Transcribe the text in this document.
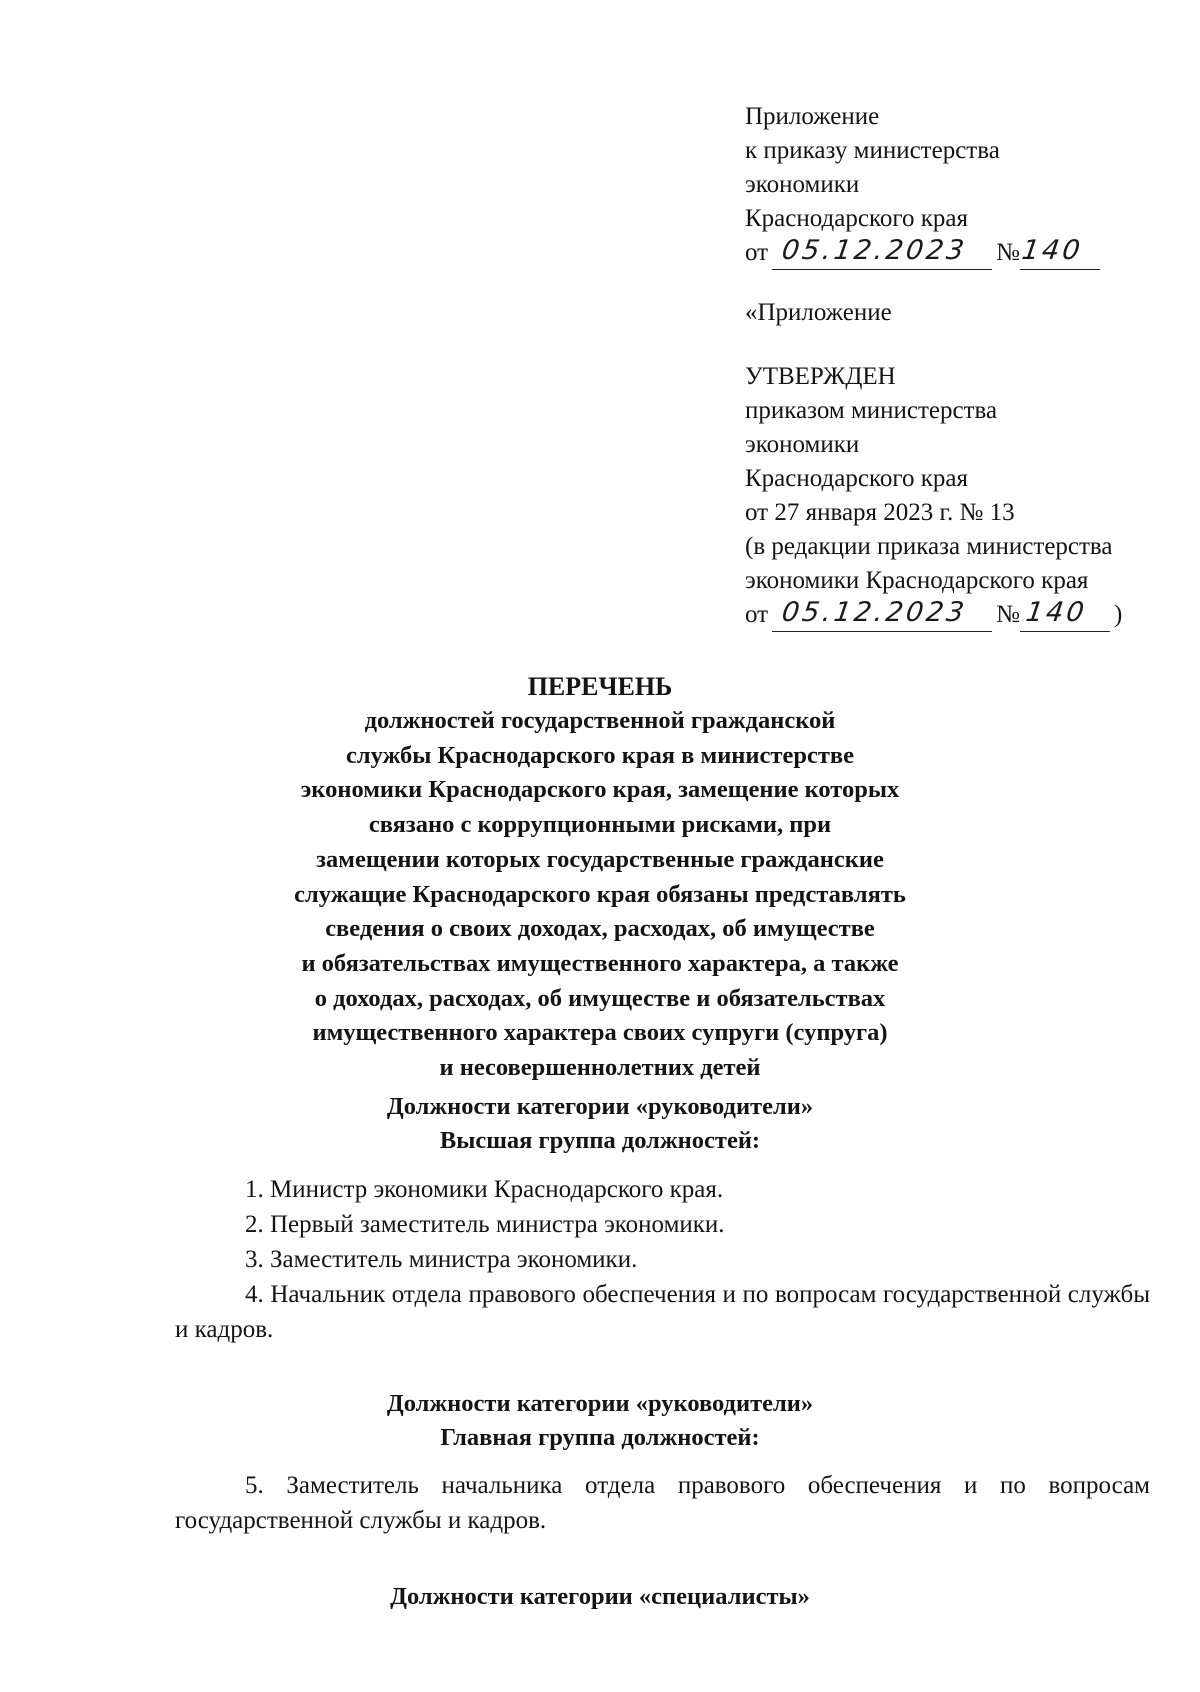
Приложение
к приказу министерства
экономики
Краснодарского края
от 05.12.2023 № 140
«Приложение
УТВЕРЖДЕН
приказом министерства
экономики
Краснодарского края
от 27 января 2023 г. № 13
(в редакции приказа министерства
экономики Краснодарского края
от 05.12.2023 № 140 )
ПЕРЕЧЕНЬ
должностей государственной гражданской
службы Краснодарского края в министерстве
экономики Краснодарского края, замещение которых
связано с коррупционными рисками, при
замещении которых государственные гражданские
служащие Краснодарского края обязаны представлять
сведения о своих доходах, расходах, об имуществе
и обязательствах имущественного характера, а также
о доходах, расходах, об имуществе и обязательствах
имущественного характера своих супруги (супруга)
и несовершеннолетних детей
Должности категории «руководители»
Высшая группа должностей:
1. Министр экономики Краснодарского края.
2. Первый заместитель министра экономики.
3. Заместитель министра экономики.
4. Начальник отдела правового обеспечения и по вопросам государственной службы и кадров.
Должности категории «руководители»
Главная группа должностей:
5. Заместитель начальника отдела правового обеспечения и по вопросам государственной службы и кадров.
Должности категории «специалисты»
